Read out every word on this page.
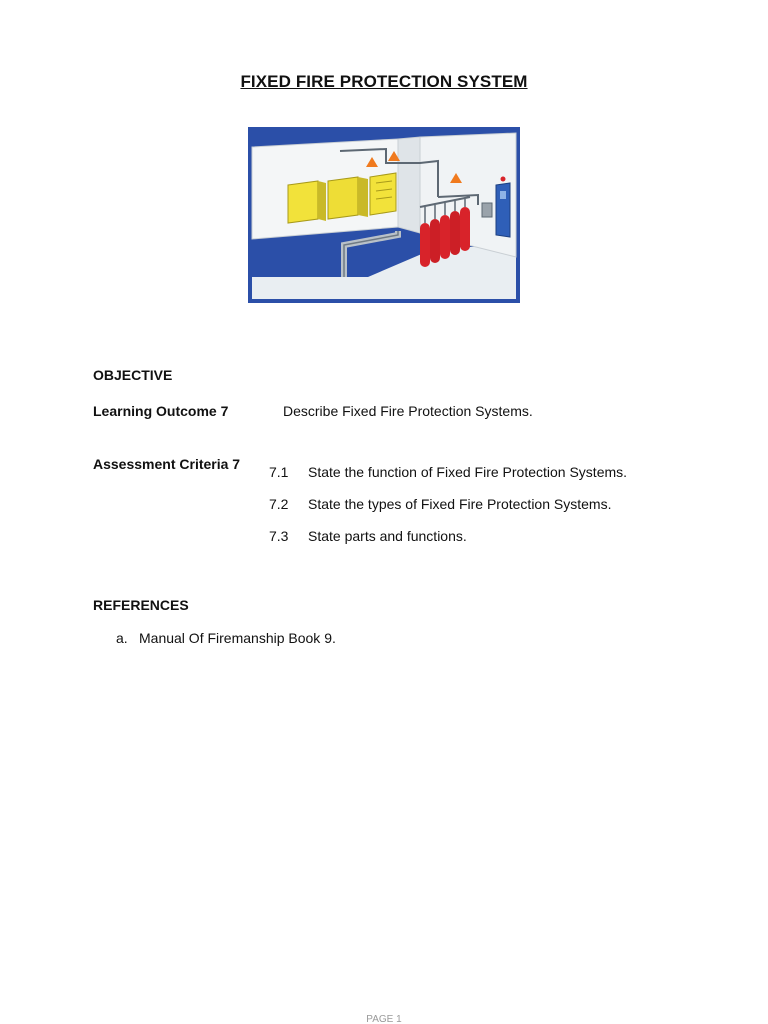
FIXED FIRE PROTECTION SYSTEM
OBJECTIVE
Learning Outcome 7	Describe Fixed Fire Protection Systems.
Assessment Criteria 7 7.1 State the function of Fixed Fire Protection Systems.
7.2 State the types of Fixed Fire Protection Systems.
7.3 State parts and functions.
REFERENCES
a. Manual Of Firemanship Book 9.
PAGE 1
